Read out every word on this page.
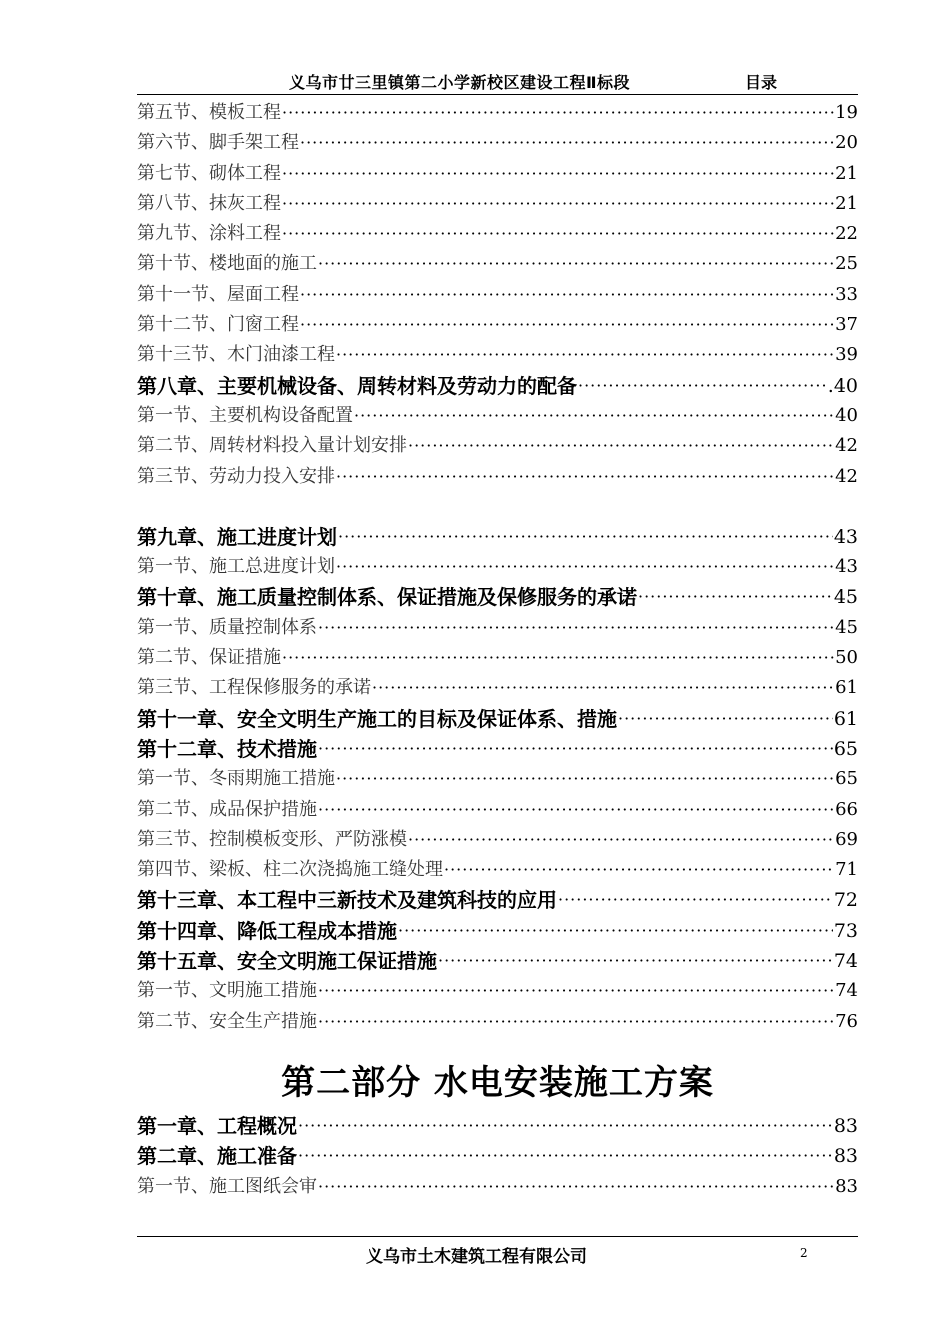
义乌市廿三里镇第二小学新校区建设工程Ⅱ标段	目录
第五节、模板工程 ·····	19
第六节、脚手架工程 ·····	20
第七节、砌体工程 ·····	21
第八节、抹灰工程 ·····	21
第九节、涂料工程 ·····	22
第十节、楼地面的施工 ·····	25
第十一节、屋面工程 ·····	33
第十二节、门窗工程 ·····	37
第十三节、木门油漆工程 ·····	39
第八章、主要机械设备、周转材料及劳动力的配备 ·····	.40
第一节、主要机构设备配置 ·····	40
第二节、周转材料投入量计划安排 ·····	42
第三节、劳动力投入安排 ·····	42
第九章、施工进度计划 ·····	43
第一节、施工总进度计划 ·····	43
第十章、施工质量控制体系、保证措施及保修服务的承诺 ·····	45
第一节、质量控制体系 ·····	45
第二节、保证措施 ·····	50
第三节、工程保修服务的承诺 ·····	61
第十一章、安全文明生产施工的目标及保证体系、措施 ·····	61
第十二章、技术措施 ·····	65
第一节、冬雨期施工措施 ·····	65
第二节、成品保护措施 ·····	66
第三节、控制模板变形、严防涨模 ·····	69
第四节、梁板、柱二次浇捣施工缝处理 ·····	71
第十三章、本工程中三新技术及建筑科技的应用 ·····	72
第十四章、降低工程成本措施 ·····	73
第十五章、安全文明施工保证措施 ·····	74
第一节、文明施工措施 ·····	74
第二节、安全生产措施 ·····	76
第二部分 水电安装施工方案
第一章、工程概况 ·····	83
第二章、施工准备 ·····	83
第一节、施工图纸会审 ·····	83
义乌市土木建筑工程有限公司	2
